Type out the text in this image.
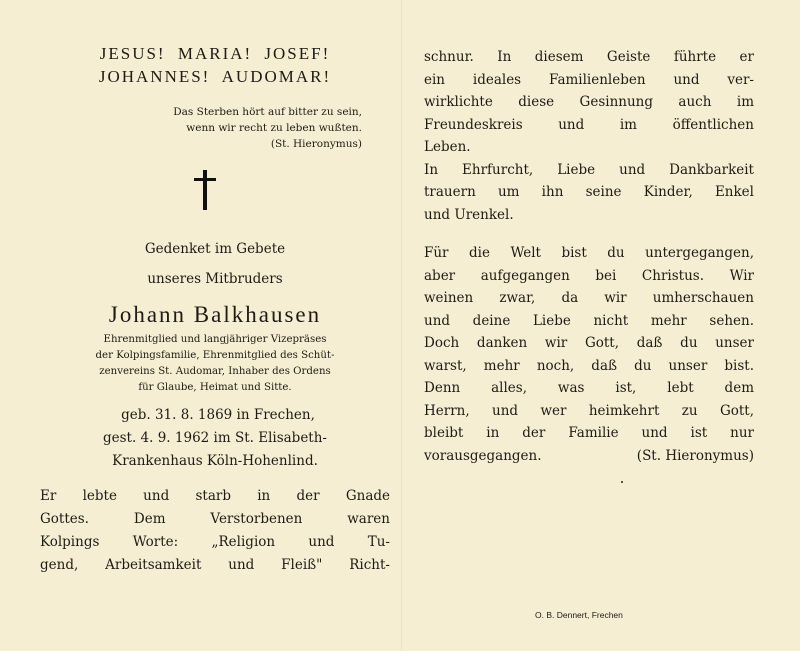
JESUS! MARIA! JOSEF!
JOHANNES! AUDOMAR!
Das Sterben hört auf bitter zu sein,
wenn wir recht zu leben wußten.
(St. Hieronymus)
Gedenket im Gebete
unseres Mitbruders
Johann Balkhausen
Ehrenmitglied und langjähriger Vizepräses
der Kolpingsfamilie, Ehrenmitglied des Schüt-
zenvereins St. Audomar, Inhaber des Ordens
für Glaube, Heimat und Sitte.
geb. 31. 8. 1869 in Frechen,
gest. 4. 9. 1962 im St. Elisabeth-
Krankenhaus Köln-Hohenlind.
Er lebte und starb in der Gnade
Gottes. Dem Verstorbenen waren
Kolpings Worte: „Religion und Tu-
gend, Arbeitsamkeit und Fleiß" Richt-
schnur. In diesem Geiste führte er
ein ideales Familienleben und ver-
wirklichte diese Gesinnung auch im
Freundeskreis und im öffentlichen
Leben.
In Ehrfurcht, Liebe und Dankbarkeit
trauern um ihn seine Kinder, Enkel
und Urenkel.
Für die Welt bist du untergegangen,
aber aufgegangen bei Christus. Wir
weinen zwar, da wir umherschauen
und deine Liebe nicht mehr sehen.
Doch danken wir Gott, daß du unser
warst, mehr noch, daß du unser bist.
Denn alles, was ist, lebt dem
Herrn, und wer heimkehrt zu Gott,
bleibt in der Familie und ist nur
vorausgegangen.	(St. Hieronymus)
O. B. Dennert, Frechen
